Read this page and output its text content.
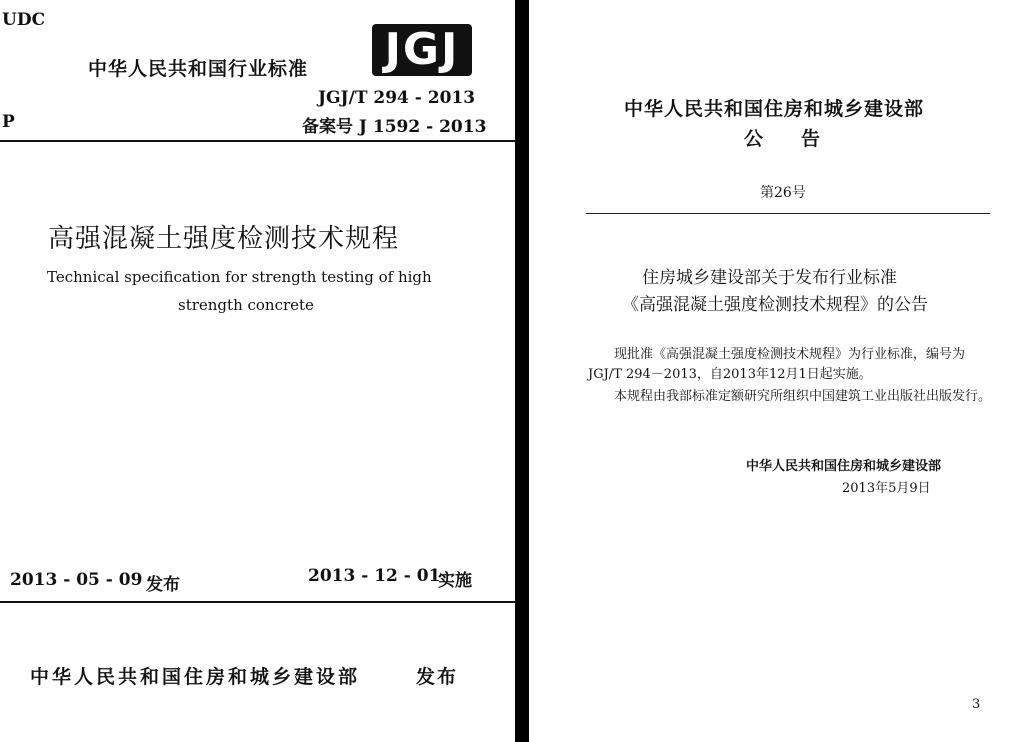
UDC
中华人民共和国行业标准 JGJ
JGJ/T 294 - 2013
P	备案号 J 1592 - 2013
高强混凝土强度检测技术规程
Technical specification for strength testing of high
strength concrete
2013 - 05 - 09 发布	2013 - 12 - 01
实施
中华人民共和国住房和城乡建设部	发布
中华人民共和国住房和城乡建设部
公　　告
第26号
住房城乡建设部关于发布行业标准
《高强混凝土强度检测技术规程》的公告
现批准《高强混凝土强度检测技术规程》为行业标准，编号为JGJ/T 294－2013，自2013年12月1日起实施。
本规程由我部标准定额研究所组织中国建筑工业出版社出版发行。
中华人民共和国住房和城乡建设部
2013年5月9日
3
